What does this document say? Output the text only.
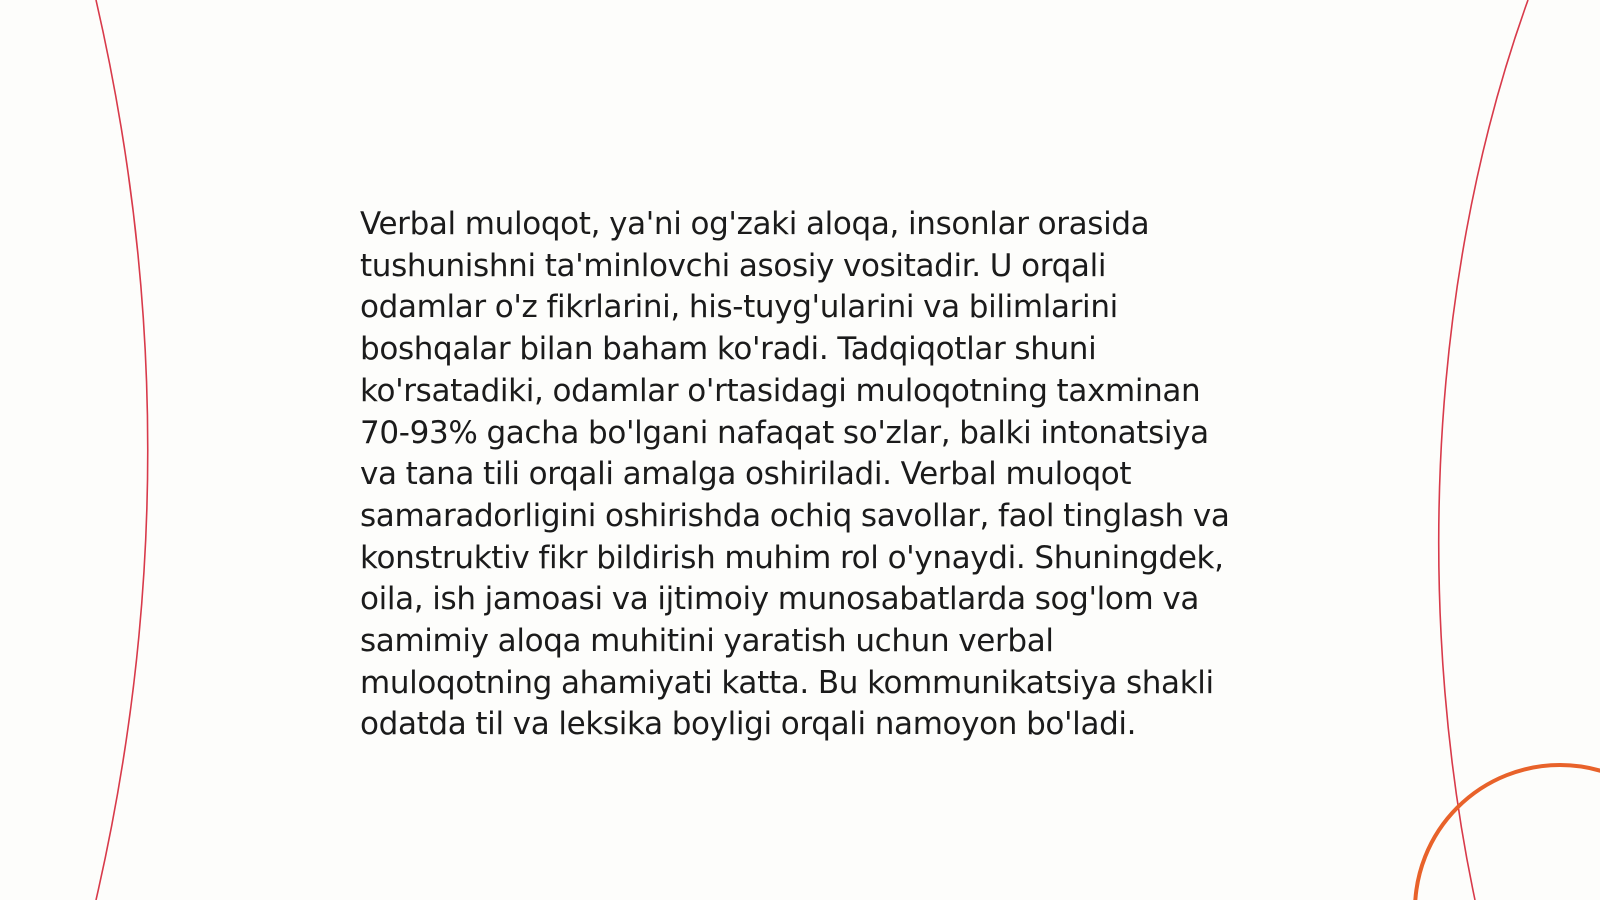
Verbal muloqot, ya'ni og'zaki aloqa, insonlar orasida tushunishni ta'minlovchi asosiy vositadir. U orqali odamlar o'z fikrlarini, his-tuyg'ularini va bilimlarini boshqalar bilan baham ko'radi. Tadqiqotlar shuni ko'rsatadiki, odamlar o'rtasidagi muloqotning taxminan 70-93% gacha bo'lgani nafaqat so'zlar, balki intonatsiya va tana tili orqali amalga oshiriladi. Verbal muloqot samaradorligini oshirishda ochiq savollar, faol tinglash va konstruktiv fikr bildirish muhim rol o'ynaydi. Shuningdek, oila, ish jamoasi va ijtimoiy munosabatlarda sog'lom va samimiy aloqa muhitini yaratish uchun verbal muloqotning ahamiyati katta. Bu kommunikatsiya shakli odatda til va leksika boyligi orqali namoyon bo'ladi.
